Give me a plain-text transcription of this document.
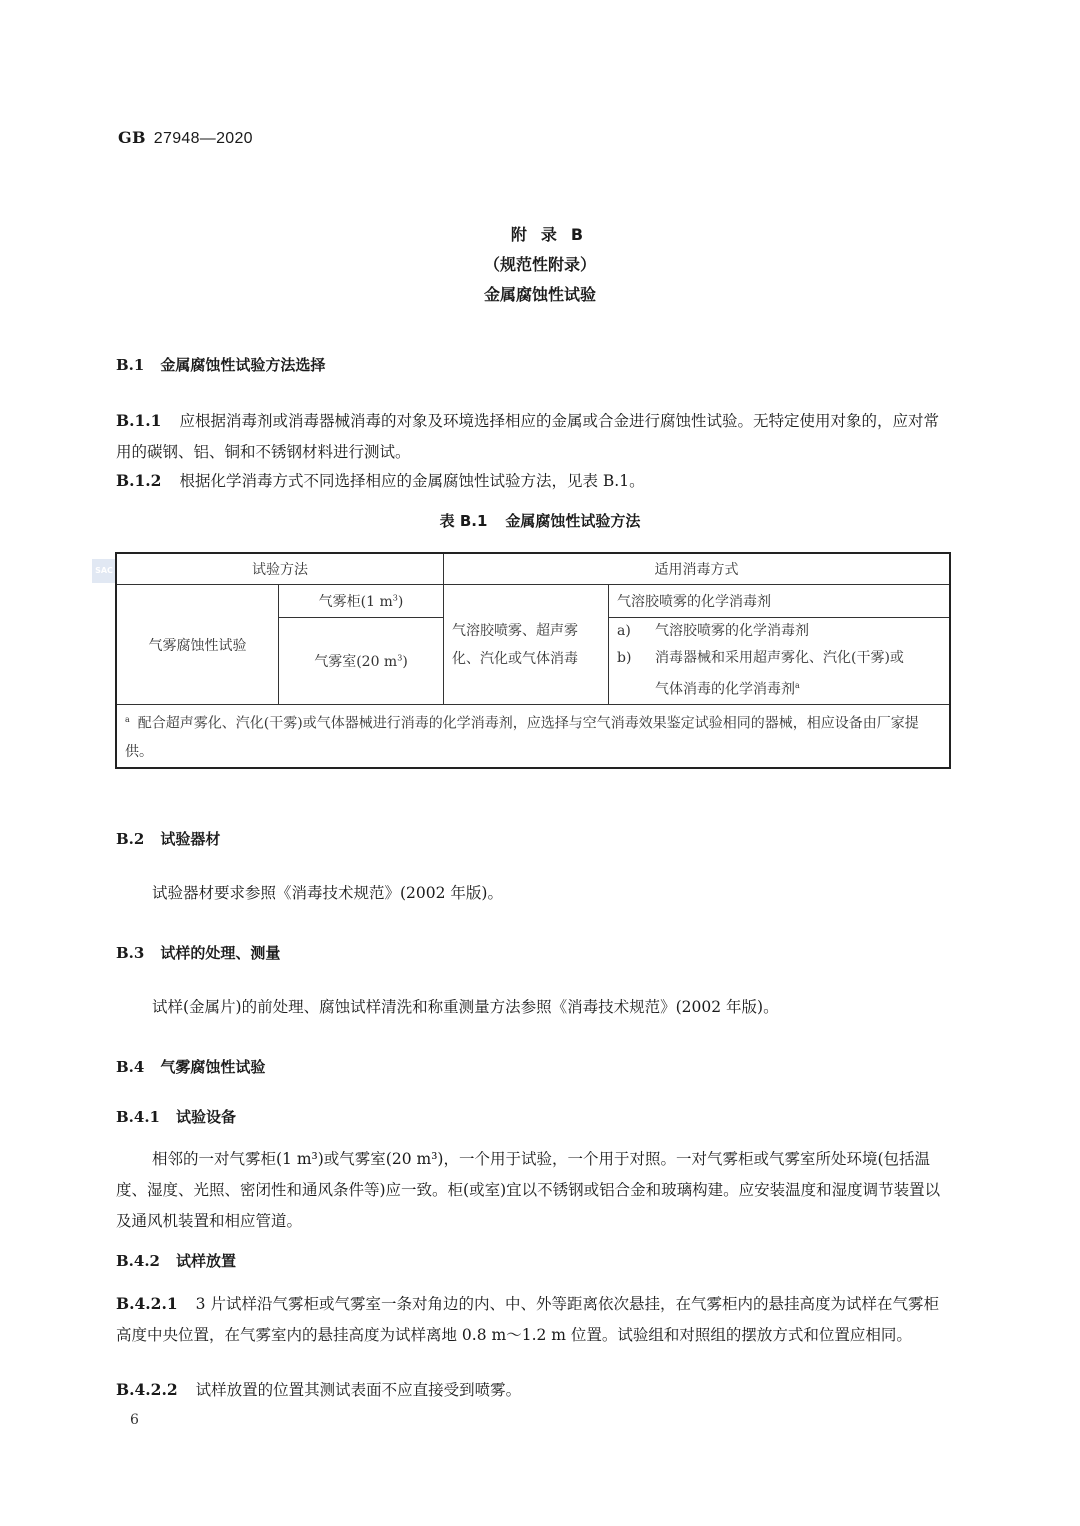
GB 27948—2020
附录B
（规范性附录）
金属腐蚀性试验
B.1 金属腐蚀性试验方法选择
B.1.1 应根据消毒剂或消毒器械消毒的对象及环境选择相应的金属或合金进行腐蚀性试验。无特定使用对象的，应对常用的碳钢、铝、铜和不锈钢材料进行测试。
B.1.2 根据化学消毒方式不同选择相应的金属腐蚀性试验方法，见表 B.1。
表 B.1 金属腐蚀性试验方法
SAC	试验方法		适用消毒方式	
气雾腐蚀性试验	气雾柜(1 $m^3$)	气溶胶喷雾、超声雾化、汽化或气体消毒	气溶胶喷雾的化学消毒剂
	气雾室(20 $m^3$)		a) 气溶胶喷雾的化学消毒剂
b) 消毒器械和采用超声雾化、汽化(干雾)或
气体消毒的化学消毒剂$^a$

$^a$ 配合超声雾化、汽化(干雾)或气体器械进行消毒的化学消毒剂，应选择与空气消毒效果鉴定试验相同的器械，相应设备由厂家提供。			
B.2 试验器材
试验器材要求参照《消毒技术规范》(2002 年版)。
B.3 试样的处理、测量
试样(金属片)的前处理、腐蚀试样清洗和称重测量方法参照《消毒技术规范》(2002 年版)。
B.4 气雾腐蚀性试验
B.4.1 试验设备
相邻的一对气雾柜(1 m³)或气雾室(20 m³)，一个用于试验，一个用于对照。一对气雾柜或气雾室所处环境(包括温度、湿度、光照、密闭性和通风条件等)应一致。柜(或室)宜以不锈钢或铝合金和玻璃构建。应安装温度和湿度调节装置以及通风机装置和相应管道。
B.4.2 试样放置
B.4.2.1 3 片试样沿气雾柜或气雾室一条对角边的内、中、外等距离依次悬挂，在气雾柜内的悬挂高度为试样在气雾柜高度中央位置，在气雾室内的悬挂高度为试样离地 0.8 m～1.2 m 位置。试验组和对照组的摆放方式和位置应相同。
B.4.2.2 试样放置的位置其测试表面不应直接受到喷雾。
6
